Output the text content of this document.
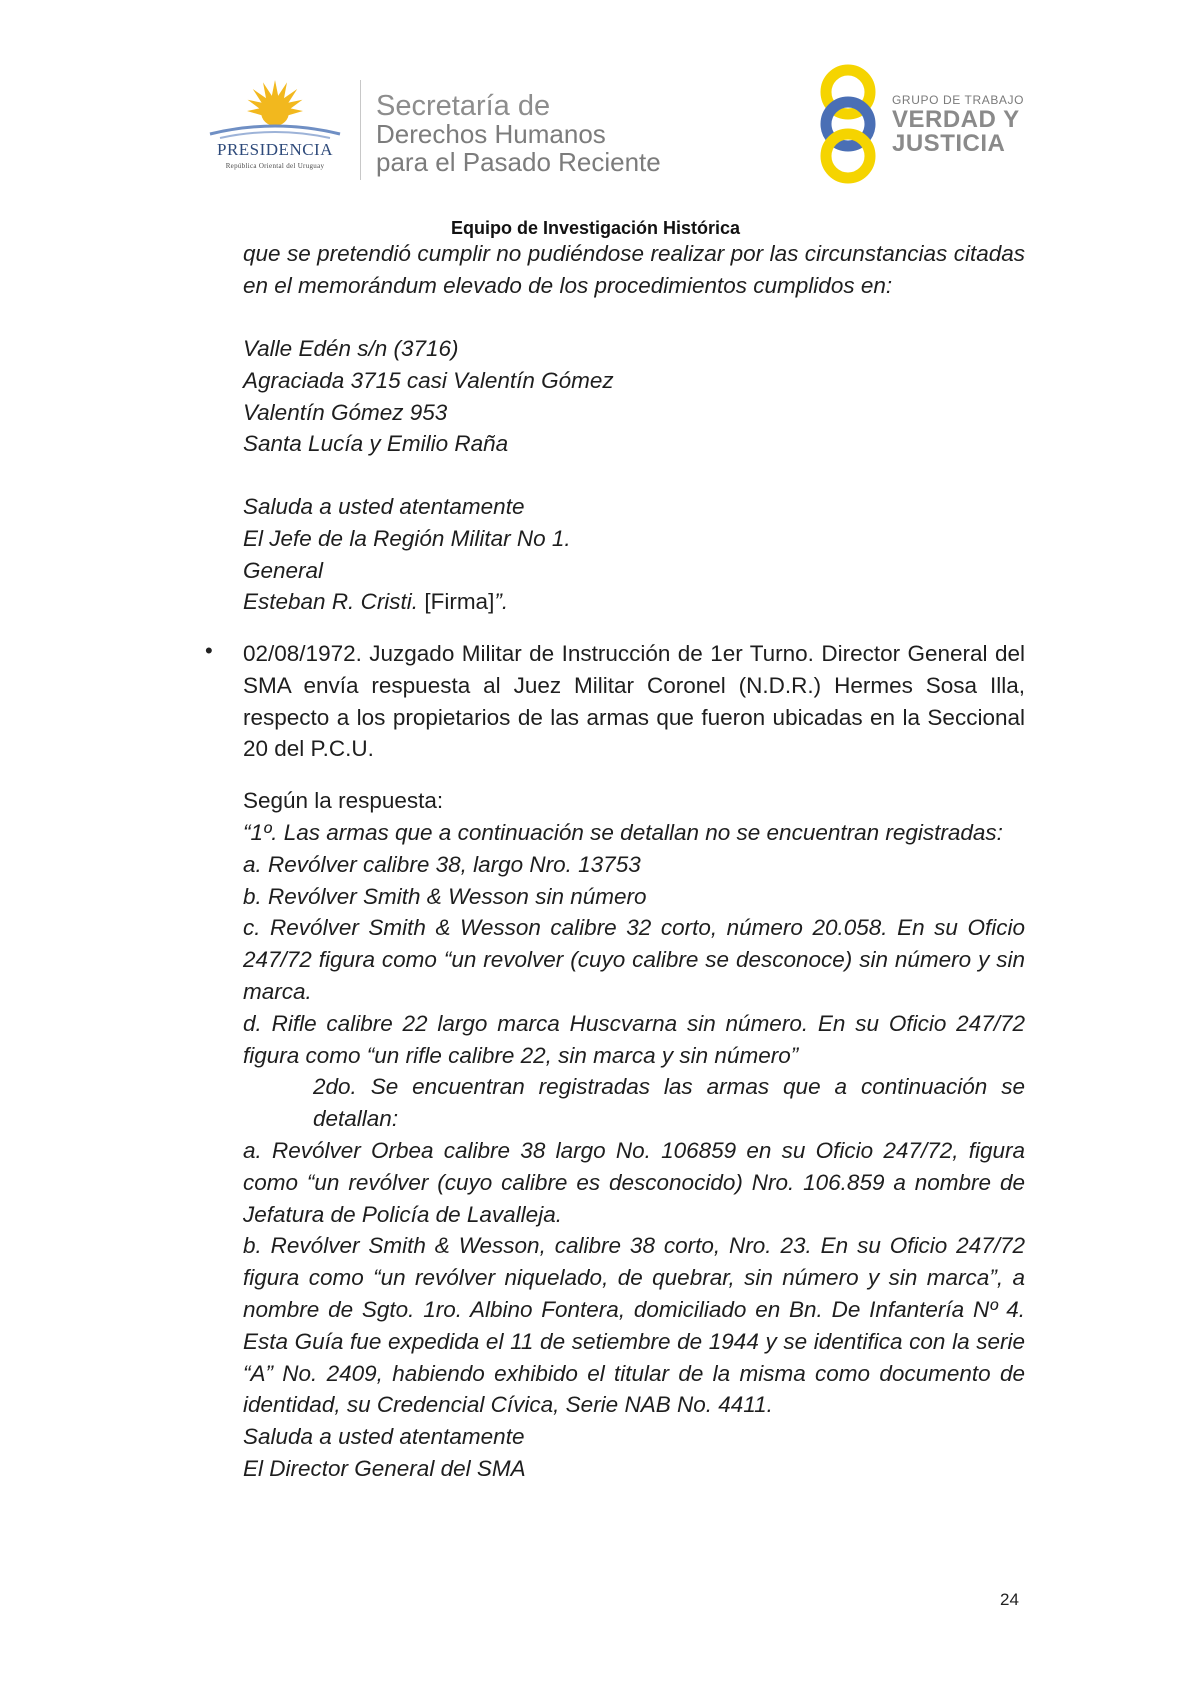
PRESIDENCIA
República Oriental del Uruguay
Secretaría de
Derechos Humanos
para el Pasado Reciente
GRUPO DE TRABAJO
VERDAD Y
JUSTICIA
Equipo de Investigación Histórica
que se pretendió cumplir no pudiéndose realizar por las circunstancias citadas en el memorándum elevado de los procedimientos cumplidos en:
Valle Edén s/n (3716)
Agraciada 3715 casi Valentín Gómez
Valentín Gómez 953
Santa Lucía y Emilio Raña
Saluda a usted atentamente
El Jefe de la Región Militar No 1.
General
Esteban R. Cristi. [Firma]”.
• 02/08/1972. Juzgado Militar de Instrucción de 1er Turno. Director General del SMA envía respuesta al Juez Militar Coronel (N.D.R.) Hermes Sosa Illa, respecto a los propietarios de las armas que fueron ubicadas en la Seccional 20 del P.C.U.
Según la respuesta:
“1º. Las armas que a continuación se detallan no se encuentran registradas:
a. Revólver calibre 38, largo Nro. 13753
b. Revólver Smith & Wesson sin número
c. Revólver Smith & Wesson calibre 32 corto, número 20.058. En su Oficio 247/72 figura como “un revolver (cuyo calibre se desconoce) sin número y sin marca.
d. Rifle calibre 22 largo marca Huscvarna sin número. En su Oficio 247/72 figura como “un rifle calibre 22, sin marca y sin número”
2do. Se encuentran registradas las armas que a continuación se detallan:
a. Revólver Orbea calibre 38 largo No. 106859 en su Oficio 247/72, figura como “un revólver (cuyo calibre es desconocido) Nro. 106.859 a nombre de Jefatura de Policía de Lavalleja.
b. Revólver Smith & Wesson, calibre 38 corto, Nro. 23. En su Oficio 247/72 figura como “un revólver niquelado, de quebrar, sin número y sin marca”, a nombre de Sgto. 1ro. Albino Fontera, domiciliado en Bn. De Infantería Nº 4. Esta Guía fue expedida el 11 de setiembre de 1944 y se identifica con la serie “A” No. 2409, habiendo exhibido el titular de la misma como documento de identidad, su Credencial Cívica, Serie NAB No. 4411.
Saluda a usted atentamente
El Director General del SMA
24
